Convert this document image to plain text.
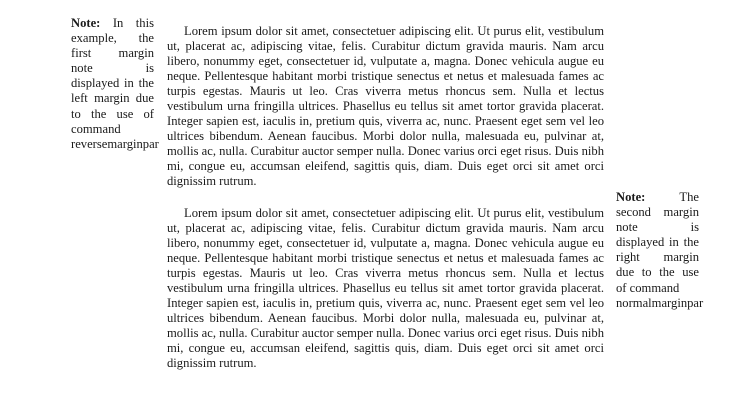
Note: In this example, the first margin note is displayed in the left margin due to the use of command
reversemarginpar
Lorem ipsum dolor sit amet, consectetuer adipiscing elit. Ut purus elit, vestibulum ut, placerat ac, adipiscing vitae, felis. Curabitur dictum gravida mauris. Nam arcu libero, nonummy eget, consectetuer id, vulputate a, magna. Donec vehicula augue eu neque. Pellentesque habitant morbi tristique senectus et netus et malesuada fames ac turpis egestas. Mauris ut leo. Cras viverra metus rhoncus sem. Nulla et lectus vestibulum urna fringilla ultrices. Phasellus eu tellus sit amet tortor gravida placerat. Integer sapien est, iaculis in, pretium quis, viverra ac, nunc. Praesent eget sem vel leo ultrices bibendum. Aenean faucibus. Morbi dolor nulla, malesuada eu, pulvinar at, mollis ac, nulla. Curabitur auctor semper nulla. Donec varius orci eget risus. Duis nibh mi, congue eu, accumsan eleifend, sagittis quis, diam. Duis eget orci sit amet orci dignissim rutrum.
Lorem ipsum dolor sit amet, consectetuer adipiscing elit. Ut purus elit, vestibulum ut, placerat ac, adipiscing vitae, felis. Curabitur dictum gravida mauris. Nam arcu libero, nonummy eget, consectetuer id, vulputate a, magna. Donec vehicula augue eu neque. Pellentesque habitant morbi tristique senectus et netus et malesuada fames ac turpis egestas. Mauris ut leo. Cras viverra metus rhoncus sem. Nulla et lectus vestibulum urna fringilla ultrices. Phasellus eu tellus sit amet tortor gravida placerat. Integer sapien est, iaculis in, pretium quis, viverra ac, nunc. Praesent eget sem vel leo ultrices bibendum. Aenean faucibus. Morbi dolor nulla, malesuada eu, pulvinar at, mollis ac, nulla. Curabitur auctor semper nulla. Donec varius orci eget risus. Duis nibh mi, congue eu, accumsan eleifend, sagittis quis, diam. Duis eget orci sit amet orci dignissim rutrum.
Note:	The second margin note is displayed in the right margin due to the use of command
normalmarginpar
